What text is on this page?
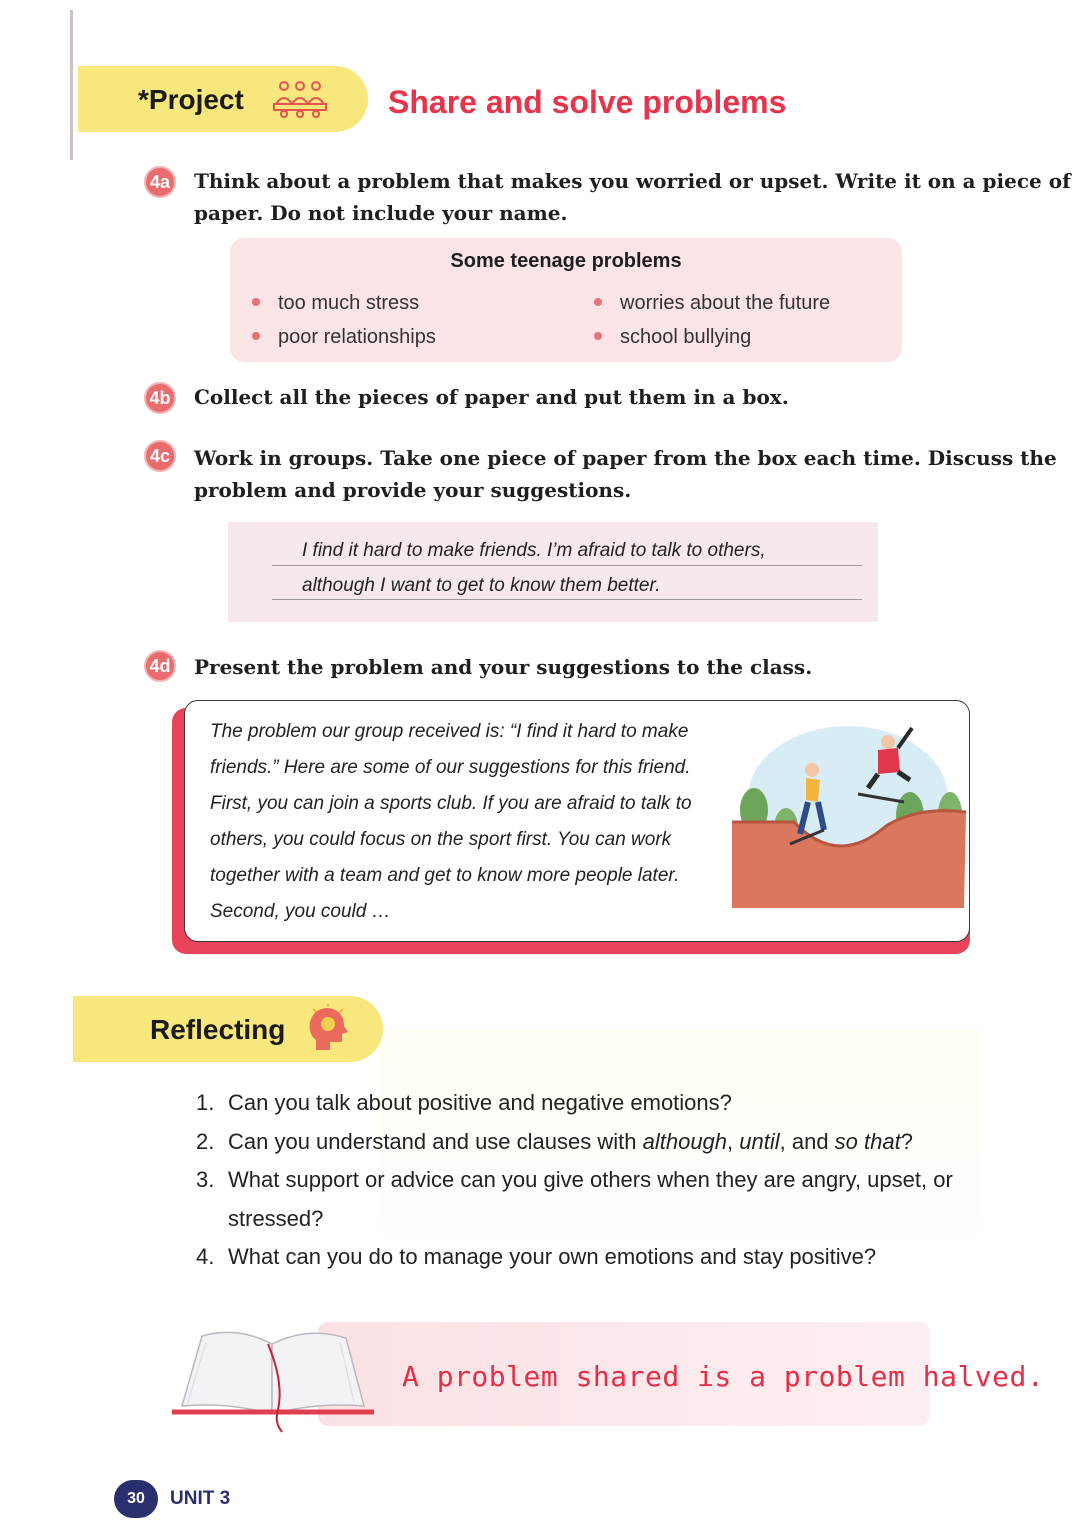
*Project	Share and solve problems
4a Think about a problem that makes you worried or upset. Write it on a piece of
paper. Do not include your name.
Some teenage problems
too much stress	worries about the future
poor relationships	school bullying
4b Collect all the pieces of paper and put them in a box.
4c Work in groups. Take one piece of paper from the box each time. Discuss the
problem and provide your suggestions.
I find it hard to make friends. I’m afraid to talk to others,
although I want to get to know them better.
4d Present the problem and your suggestions to the class.
The problem our group received is: “I find it hard to make
friends.” Here are some of our suggestions for this friend.
First, you can join a sports club. If you are afraid to talk to
others, you could focus on the sport first. You can work
together with a team and get to know more people later.
Second, you could …
Reflecting
1. Can you talk about positive and negative emotions?
2. Can you understand and use clauses with although, until, and so that?
3. What support or advice can you give others when they are angry, upset, or
stressed?
4. What can you do to manage your own emotions and stay positive?
A problem shared is a problem halved.
30	UNIT 3
